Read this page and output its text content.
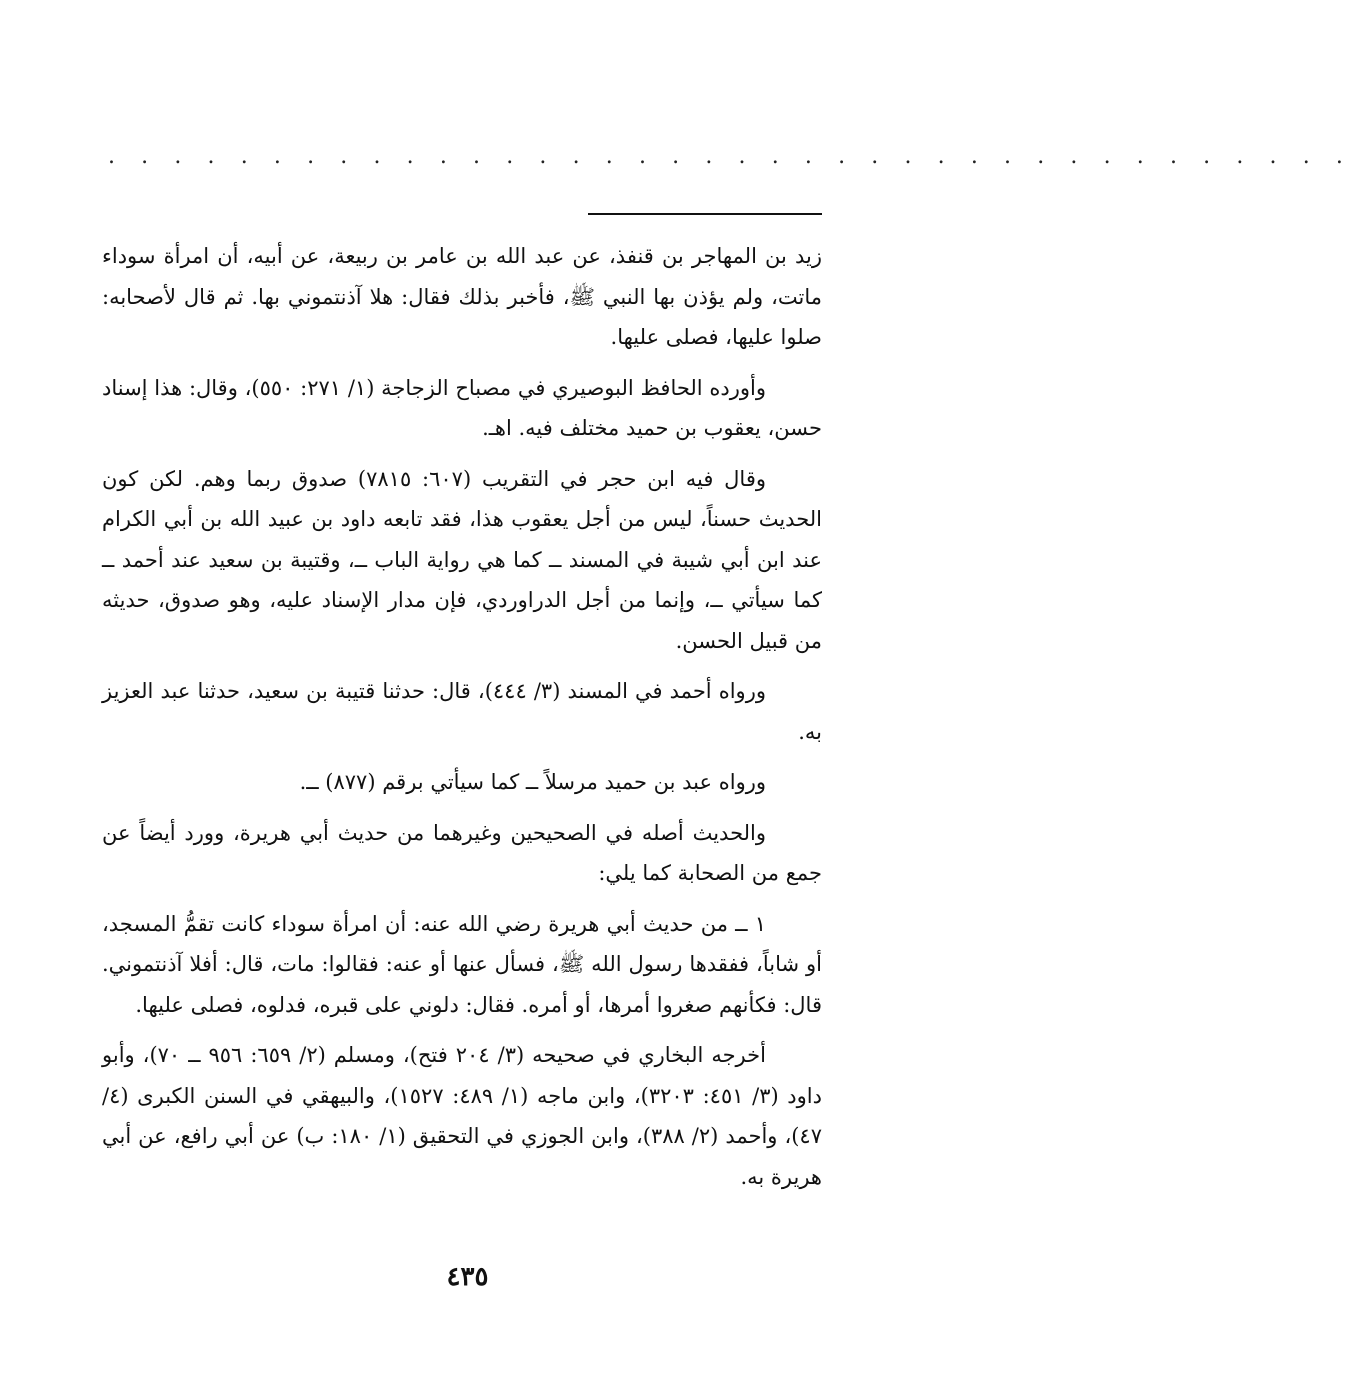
. . . . . . . . . . . . . . . . . . . . . . . . . . . . . . . . . . . . . .

زيد بن المهاجر بن قنفذ، عن عبد الله بن عامر بن ربيعة، عن أبيه، أن امرأة سوداء ماتت، ولم يؤذن بها النبي ﷺ، فأخبر بذلك فقال: هلا آذنتموني بها. ثم قال لأصحابه: صلوا عليها، فصلى عليها.

وأورده الحافظ البوصيري في مصباح الزجاجة (١/ ٢٧١: ٥٥٠)، وقال: هذا إسناد حسن، يعقوب بن حميد مختلف فيه. اهـ.

وقال فيه ابن حجر في التقريب (٦٠٧: ٧٨١٥) صدوق ربما وهم. لكن كون الحديث حسناً، ليس من أجل يعقوب هذا، فقد تابعه داود بن عبيد الله بن أبي الكرام عند ابن أبي شيبة في المسند ــ كما هي رواية الباب ــ، وقتيبة بن سعيد عند أحمد ــ كما سيأتي ــ، وإنما من أجل الدراوردي، فإن مدار الإسناد عليه، وهو صدوق، حديثه من قبيل الحسن.

ورواه أحمد في المسند (٣/ ٤٤٤)، قال: حدثنا قتيبة بن سعيد، حدثنا عبد العزيز به.

ورواه عبد بن حميد مرسلاً ــ كما سيأتي برقم (٨٧٧) ــ.

والحديث أصله في الصحيحين وغيرهما من حديث أبي هريرة، وورد أيضاً عن جمع من الصحابة كما يلي:

١ ــ من حديث أبي هريرة رضي الله عنه: أن امرأة سوداء كانت تقمُّ المسجد، أو شاباً، ففقدها رسول الله ﷺ، فسأل عنها أو عنه: فقالوا: مات، قال: أفلا آذنتموني. قال: فكأنهم صغروا أمرها، أو أمره. فقال: دلوني على قبره، فدلوه، فصلى عليها.

أخرجه البخاري في صحيحه (٣/ ٢٠٤ فتح)، ومسلم (٢/ ٦٥٩: ٩٥٦ ــ ٧٠)، وأبو داود (٣/ ٤٥١: ٣٢٠٣)، وابن ماجه (١/ ٤٨٩: ١٥٢٧)، والبيهقي في السنن الكبرى (٤/ ٤٧)، وأحمد (٢/ ٣٨٨)، وابن الجوزي في التحقيق (١/ ١٨٠: ب) عن أبي رافع، عن أبي هريرة به.

٤٣٥
